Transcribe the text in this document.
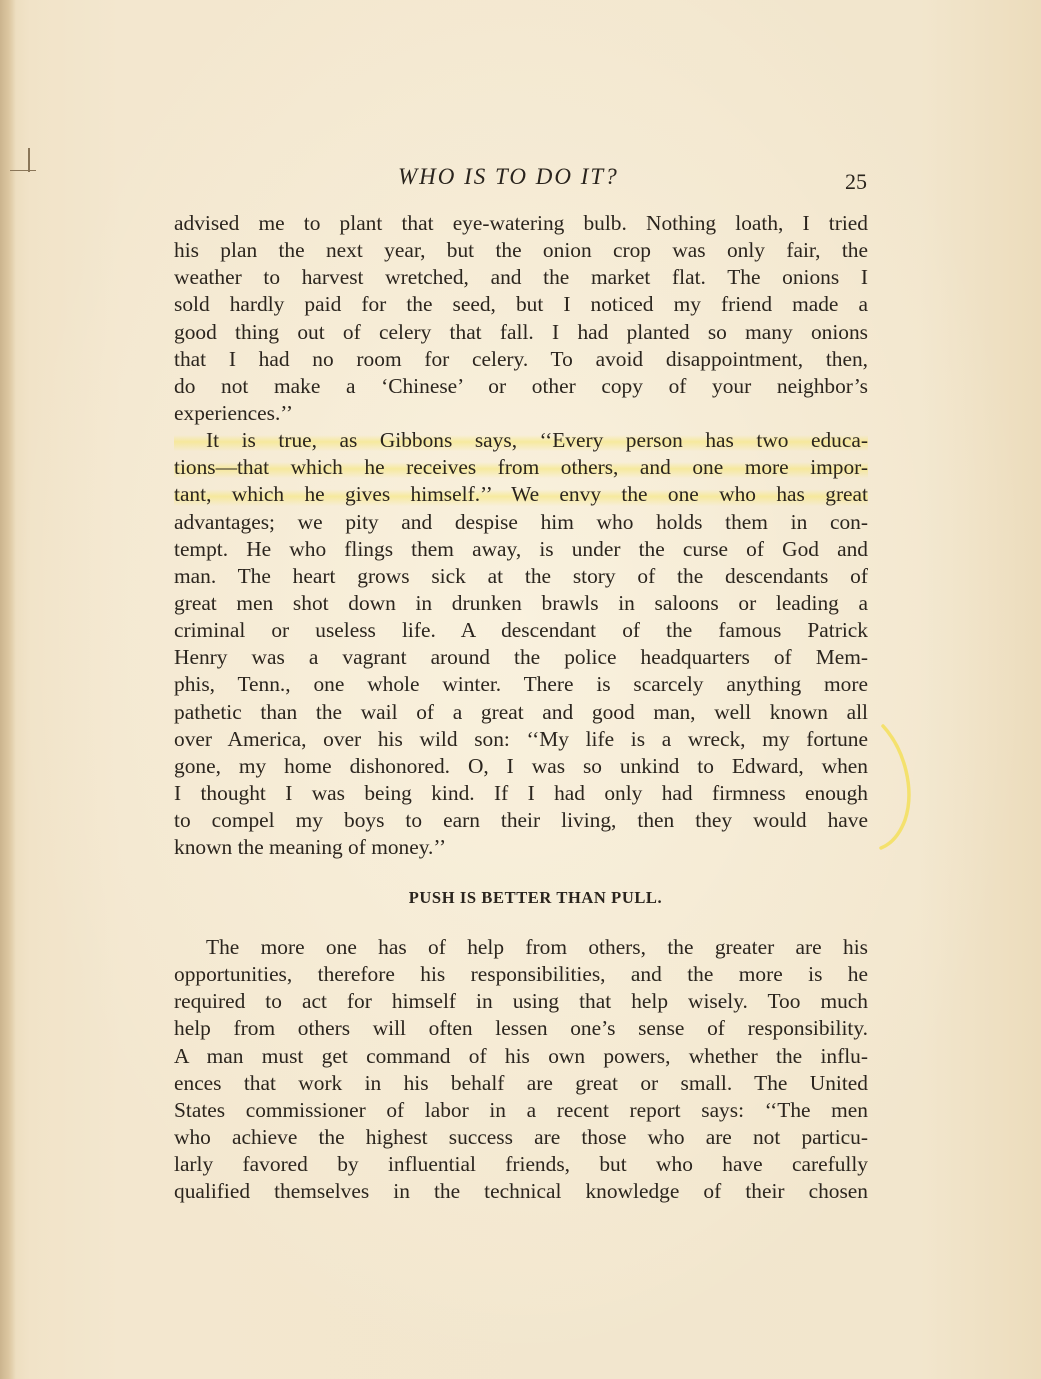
WHO IS TO DO IT?	25
advised me to plant that eye-watering bulb. Nothing loath, I tried
his plan the next year, but the onion crop was only fair, the
weather to harvest wretched, and the market flat. The onions I
sold hardly paid for the seed, but I noticed my friend made a
good thing out of celery that fall. I had planted so many onions
that I had no room for celery. To avoid disappointment, then,
do not make a ‘Chinese’ or other copy of your neighbor’s
experiences.’’
It is true, as Gibbons says, ‘‘Every person has two educa-
tions—that which he receives from others, and one more impor-
tant, which he gives himself.’’ We envy the one who has great
advantages; we pity and despise him who holds them in con-
tempt. He who flings them away, is under the curse of God and
man. The heart grows sick at the story of the descendants of
great men shot down in drunken brawls in saloons or leading a
criminal or useless life. A descendant of the famous Patrick
Henry was a vagrant around the police headquarters of Mem-
phis, Tenn., one whole winter. There is scarcely anything more
pathetic than the wail of a great and good man, well known all
over America, over his wild son: ‘‘My life is a wreck, my fortune
gone, my home dishonored. O, I was so unkind to Edward, when
I thought I was being kind. If I had only had firmness enough
to compel my boys to earn their living, then they would have
known the meaning of money.’’
PUSH IS BETTER THAN PULL.
The more one has of help from others, the greater are his
opportunities, therefore his responsibilities, and the more is he
required to act for himself in using that help wisely. Too much
help from others will often lessen one’s sense of responsibility.
A man must get command of his own powers, whether the influ-
ences that work in his behalf are great or small. The United
States commissioner of labor in a recent report says: ‘‘The men
who achieve the highest success are those who are not particu-
larly favored by influential friends, but who have carefully
qualified themselves in the technical knowledge of their chosen
